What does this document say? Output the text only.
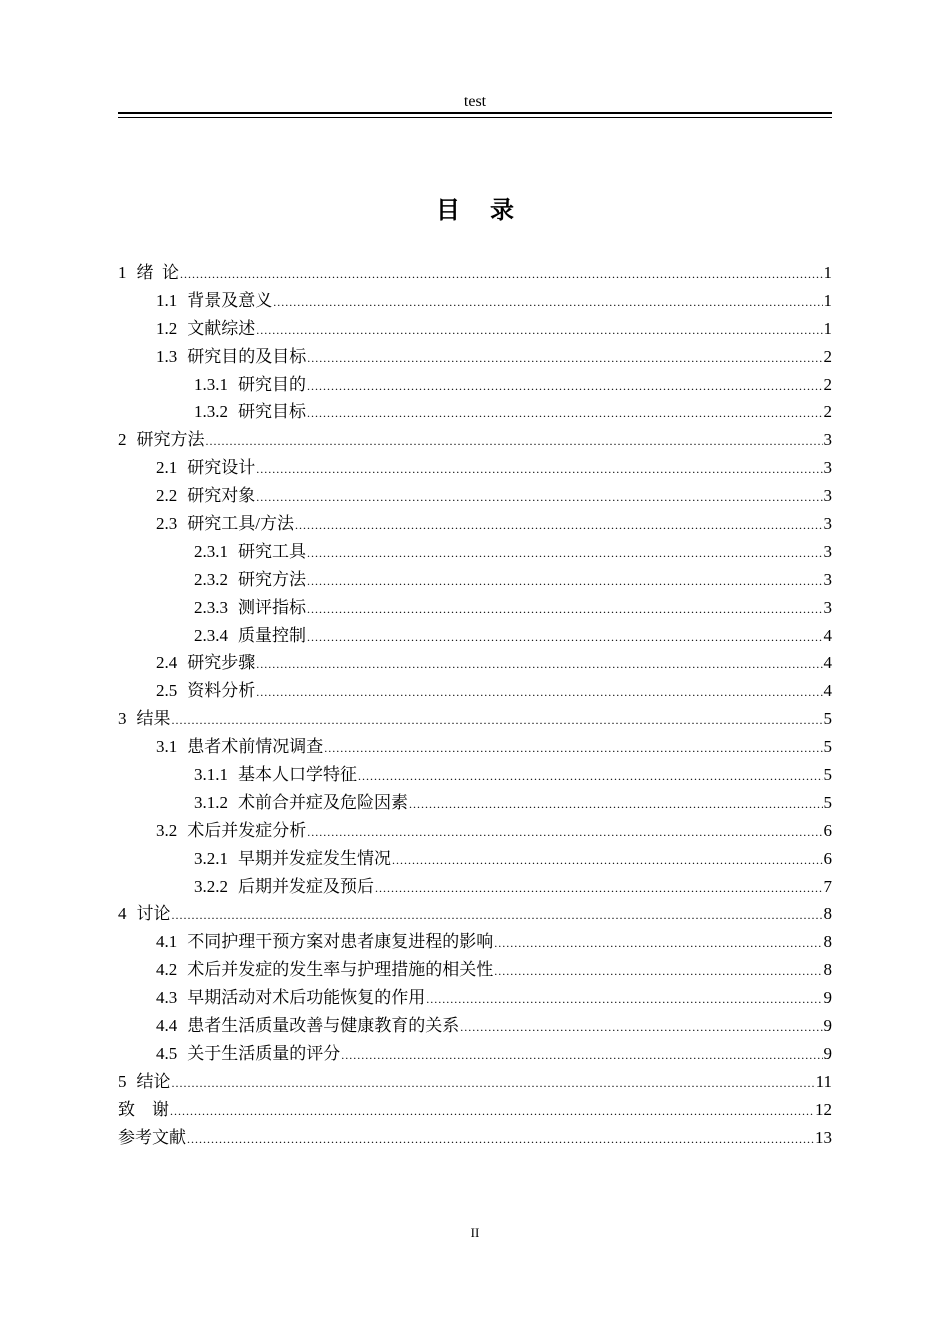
test
目 录
1 绪  论 .....	1
1.1 背景及意义 .....	1
1.2 文献综述 .....	1
1.3 研究目的及目标 .....	2
1.3.1 研究目的 .....	2
1.3.2 研究目标 .....	2
2 研究方法 .....	3
2.1 研究设计 .....	3
2.2 研究对象 .....	3
2.3 研究工具/方法 .....	3
2.3.1 研究工具 .....	3
2.3.2 研究方法 .....	3
2.3.3 测评指标 .....	3
2.3.4 质量控制 .....	4
2.4 研究步骤 .....	4
2.5 资料分析 .....	4
3 结果 .....	5
3.1 患者术前情况调查 .....	5
3.1.1 基本人口学特征 .....	5
3.1.2 术前合并症及危险因素 .....	5
3.2 术后并发症分析 .....	6
3.2.1 早期并发症发生情况 .....	6
3.2.2 后期并发症及预后 .....	7
4 讨论 .....	8
4.1 不同护理干预方案对患者康复进程的影响 .....	8
4.2 术后并发症的发生率与护理措施的相关性 .....	8
4.3 早期活动对术后功能恢复的作用 .....	9
4.4 患者生活质量改善与健康教育的关系 .....	9
4.5 关于生活质量的评分 .....	9
5 结论 .....	11
致    谢 .....	12
参考文献 .....	13
II
